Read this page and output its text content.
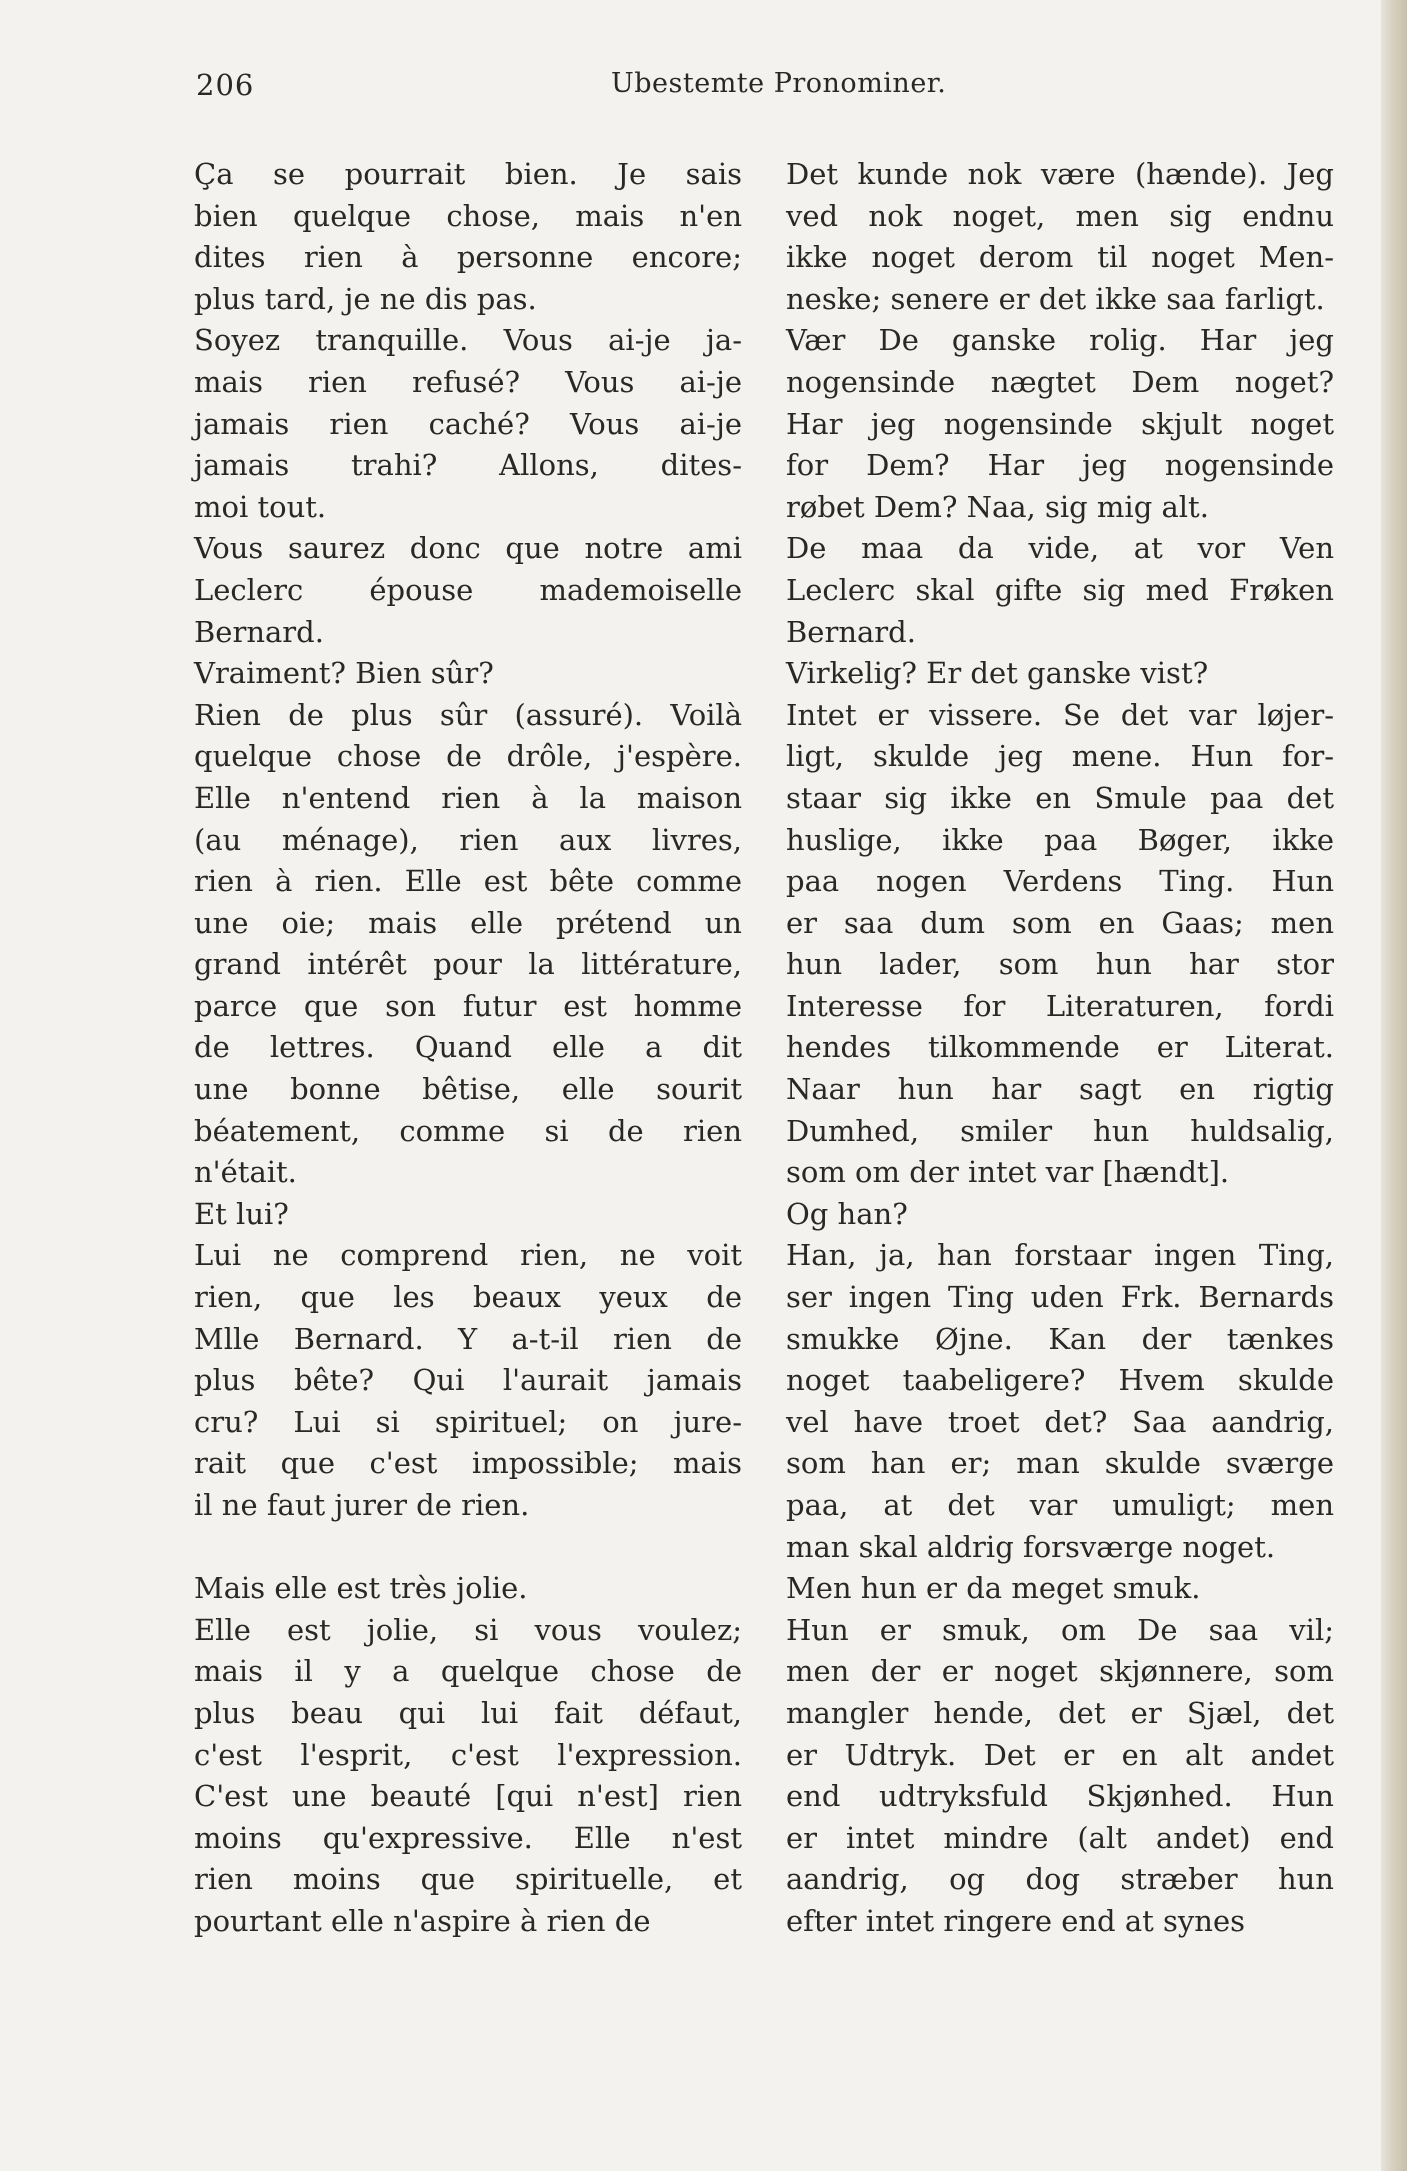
206	Ubestemte Pronominer.
Ça se pourrait bien. Je sais
bien quelque chose, mais n'en
dites rien à personne encore;
plus tard, je ne dis pas.
Soyez tranquille. Vous ai-je ja-
mais rien refusé? Vous ai-je
jamais rien caché? Vous ai-je
jamais trahi? Allons, dites-
moi tout.
Vous saurez donc que notre ami
Leclerc épouse mademoiselle
Bernard.
Vraiment? Bien sûr?
Rien de plus sûr (assuré). Voilà
quelque chose de drôle, j'espère.
Elle n'entend rien à la maison
(au ménage), rien aux livres,
rien à rien. Elle est bête comme
une oie; mais elle prétend un
grand intérêt pour la littérature,
parce que son futur est homme
de lettres. Quand elle a dit
une bonne bêtise, elle sourit
béatement, comme si de rien
n'était.
Et lui?
Lui ne comprend rien, ne voit
rien, que les beaux yeux de
Mlle Bernard. Y a-t-il rien de
plus bête? Qui l'aurait jamais
cru? Lui si spirituel; on jure-
rait que c'est impossible; mais
il ne faut jurer de rien.
Mais elle est très jolie.
Elle est jolie, si vous voulez;
mais il y a quelque chose de
plus beau qui lui fait défaut,
c'est l'esprit, c'est l'expression.
C'est une beauté [qui n'est] rien
moins qu'expressive. Elle n'est
rien moins que spirituelle, et
pourtant elle n'aspire à rien de
Det kunde nok være (hænde). Jeg
ved nok noget, men sig endnu
ikke noget derom til noget Men-
neske; senere er det ikke saa farligt.
Vær De ganske rolig. Har jeg
nogensinde nægtet Dem noget?
Har jeg nogensinde skjult noget
for Dem? Har jeg nogensinde
røbet Dem? Naa, sig mig alt.
De maa da vide, at vor Ven
Leclerc skal gifte sig med Frøken
Bernard.
Virkelig? Er det ganske vist?
Intet er vissere. Se det var løjer-
ligt, skulde jeg mene. Hun for-
staar sig ikke en Smule paa det
huslige, ikke paa Bøger, ikke
paa nogen Verdens Ting. Hun
er saa dum som en Gaas; men
hun lader, som hun har stor
Interesse for Literaturen, fordi
hendes tilkommende er Literat.
Naar hun har sagt en rigtig
Dumhed, smiler hun huldsalig,
som om der intet var [hændt].
Og han?
Han, ja, han forstaar ingen Ting,
ser ingen Ting uden Frk. Bernards
smukke Øjne. Kan der tænkes
noget taabeligere? Hvem skulde
vel have troet det? Saa aandrig,
som han er; man skulde sværge
paa, at det var umuligt; men
man skal aldrig forsværge noget.
Men hun er da meget smuk.
Hun er smuk, om De saa vil;
men der er noget skjønnere, som
mangler hende, det er Sjæl, det
er Udtryk. Det er en alt andet
end udtryksfuld Skjønhed. Hun
er intet mindre (alt andet) end
aandrig, og dog stræber hun
efter intet ringere end at synes
